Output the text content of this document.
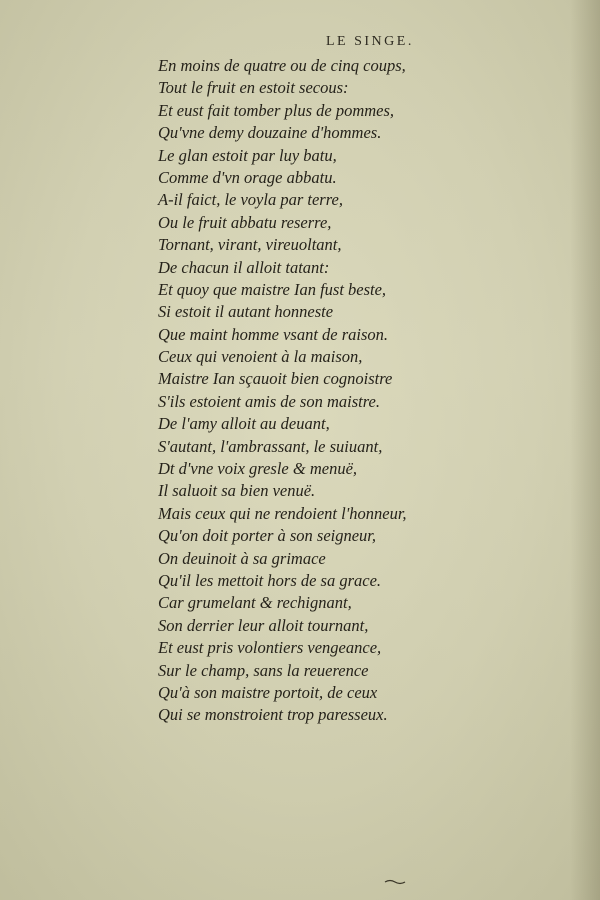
LE SINGE.
En moins de quatre ou de cinq coups,
Tout le fruit en estoit secous:
Et eust fait tomber plus de pommes,
Qu'vne demy douzaine d'hommes.
Le glan estoit par luy batu,
Comme d'vn orage abbatu.
A-il faict, le voyla par terre,
Ou le fruit abbatu reserre,
Tornant, virant, vireuoltant,
De chacun il alloit tatant:
Et quoy que maistre Ian fust beste,
Si estoit il autant honneste
Que maint homme vsant de raison.
Ceux qui venoient à la maison,
Maistre Ian sçauoit bien cognoistre
S'ils estoient amis de son maistre.
De l'amy alloit au deuant,
S'autant, l'ambrassant, le suiuant,
Dt d'vne voix gresle & menuë,
Il saluoit sa bien venuë.
Mais ceux qui ne rendoient l'honneur,
Qu'on doit porter à son seigneur,
On deuinoit à sa grimace
Qu'il les mettoit hors de sa grace.
Car grumelant & rechignant,
Son derrier leur alloit tournant,
Et eust pris volontiers vengeance,
Sur le champ, sans la reuerence
Qu'à son maistre portoit, de ceux
Qui se monstroient trop paresseux.
